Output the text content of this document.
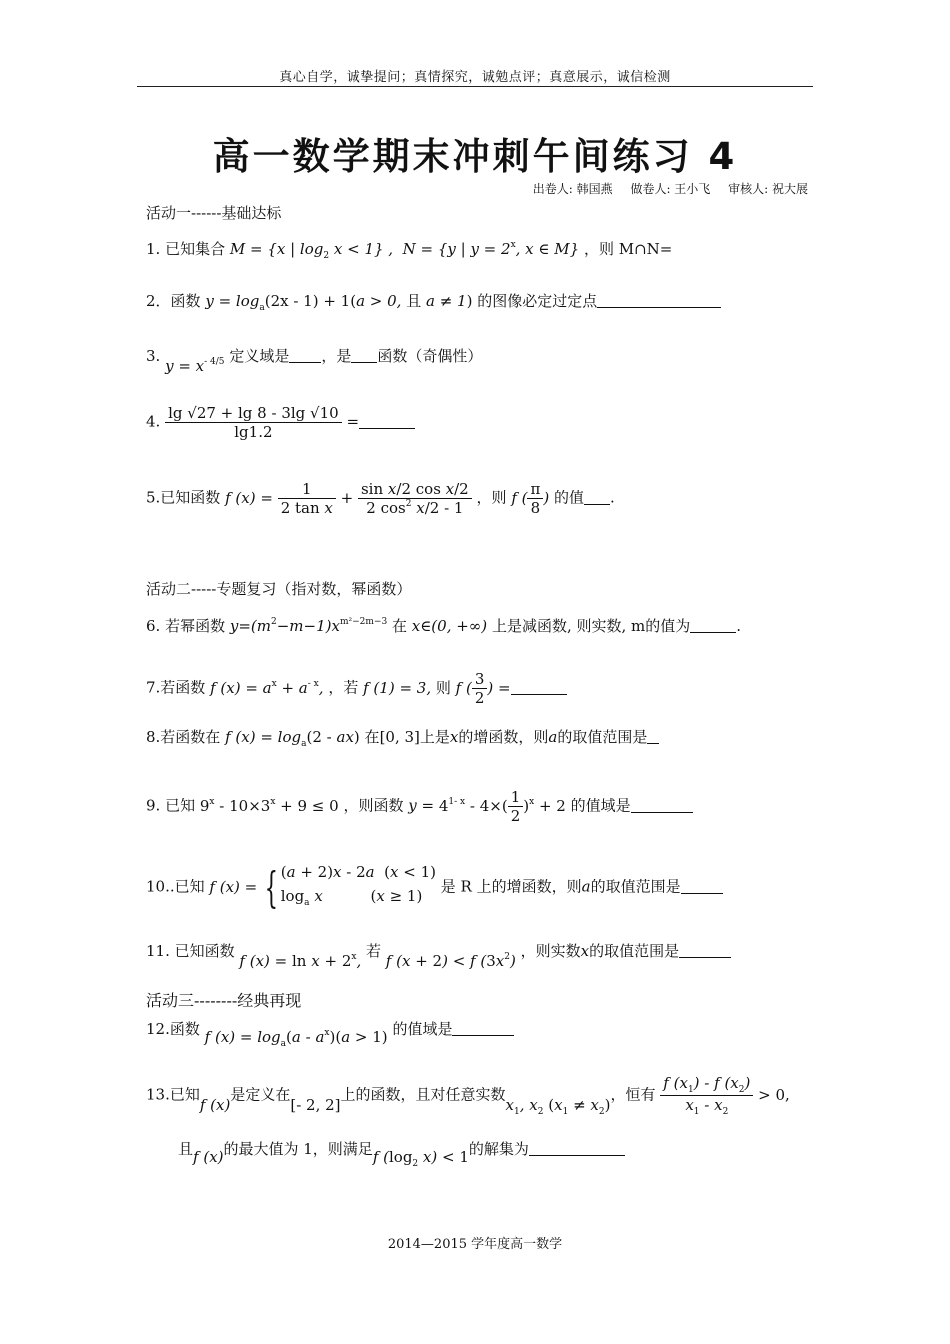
真心自学，诚挚提问；真情探究，诚勉点评；真意展示，诚信检测
高一数学期末冲刺午间练习 4
出卷人: 韩国燕 做卷人: 王小飞 审核人: 祝大展
活动一------基础达标
1. 已知集合 M = {x | $\log_2 x < 1$} ,  N = {y | $y = 2^x$, x ∈ M} ，则 M∩N=
2．函数 $y = \log_a(2x - 1) + 1(a > 0$, 且 a ≠ 1) 的图像必定过定点
3. $y = x^{- 4/5}$ 定义域是 ，是 函数（奇偶性）
4. $\frac{\lg √27 + \lg 8 - 3\lg √10}{\lg 1.2}$ =
5.已知函数 f $(x) = \frac{1}{\text{2 tan x}} + \frac{\text{sin x/2 cos x/2}}{2 \cos^2 x/2 - 1}$ ，则 f ( $\frac{\pi}{8}$ ) 的值 .
活动二-----专题复习（指对数，幂函数）
6. 若幂函数 $y=(m^2-m-1)x^{m^2-2m-3}$ 在 x∈(0, +∞) 上是减函数, 则实数, m的值为	.
7.若函数 f $(x) = a^x + a^{- x}$, ，若 f (1) = 3, 则 f ( $\frac{3}{2}$ ) =
8.若函数在 f $(x) = \log_a(2 - ax)$ 在[0, 3]上是x的增函数，则a的取值范围是
9. 已知 $9^x - 10\times 3^x + 9 \le 0$ ，则函数 $y = 4^{1- x} - 4\times( \frac{1}{2} )^x + 2$ 的值域是
10..已知 f (x) = { (a + 2)x - 2a  (x < 1)
$\log_a x$          (x ≥ 1) 是 R 上的增函数，则a的取值范围是
11. 已知函数 f $(x) = \ln x + 2^x$, 若 f (x + 2) < f $(3x^2)$ ，则实数x的取值范围是
活动三--------经典再现
12.函数 f $(x) = \log_a(a - a^x)(a > 1)$ 的值域是
13.已知f (x)是定义在[- 2, 2]上的函数，且对任意实数$x_1$, $x_2$ $(x_1 \ne x_2)$，恒有 $\frac{f (x_1) - f (x_2)}{x_1 - x_2} > 0$,
且f (x)的最大值为 1，则满足f ($\log_2$ x) < 1的解集为
2014—2015 学年度高一数学
